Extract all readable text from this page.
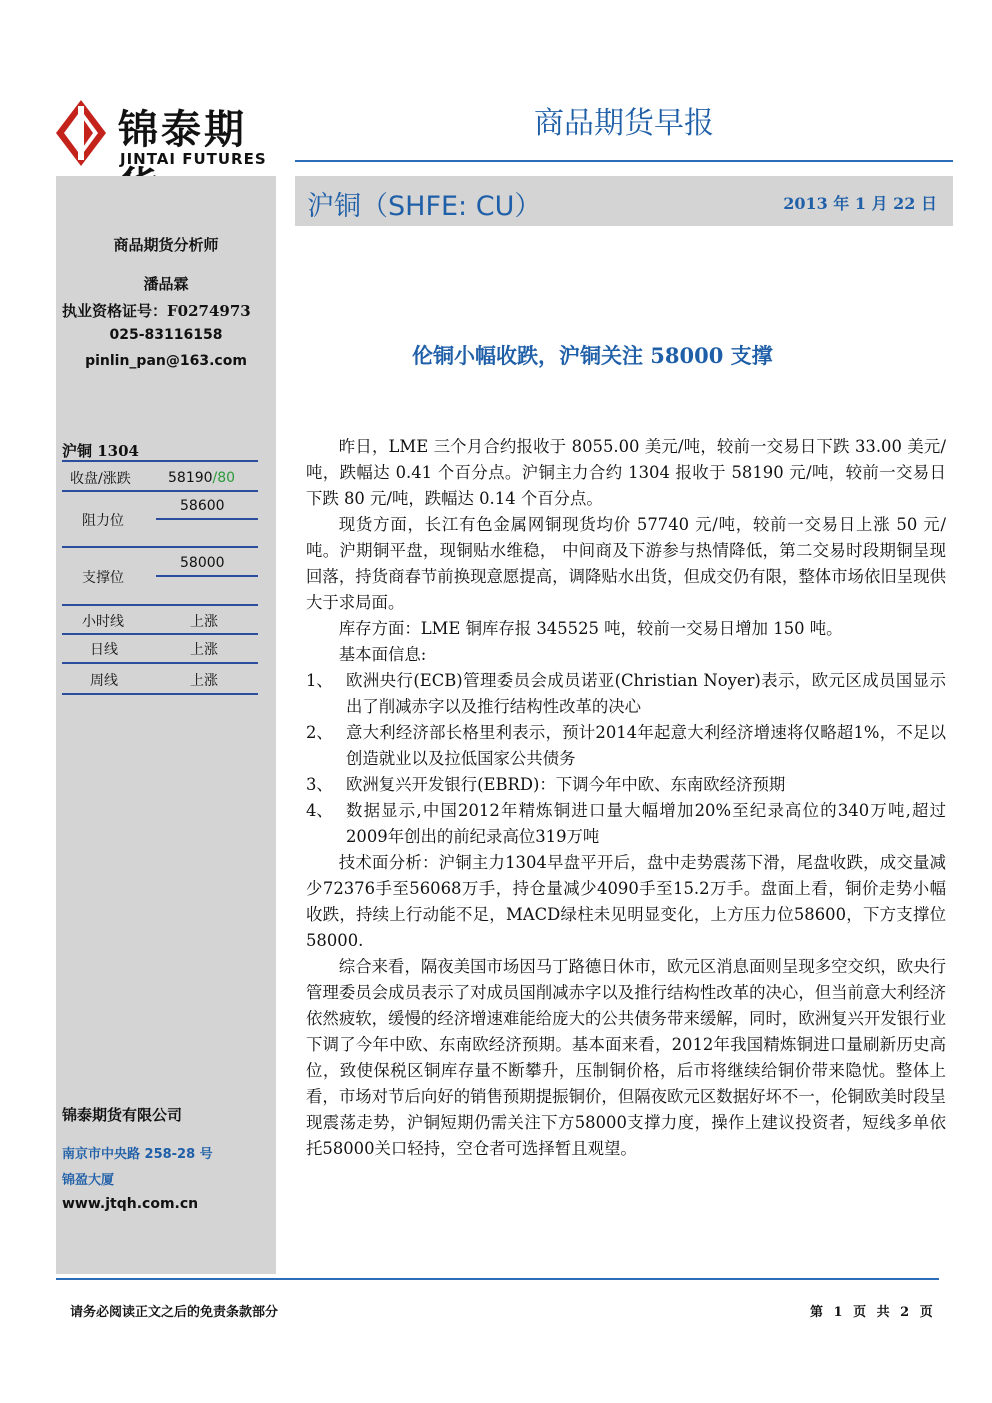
锦泰期
JINTAI FUTURES
商品期货早报
沪铜（SHFE: CU）	2013 年 1 月 22 日
商品期货分析师
潘品霖
执业资格证号：F0274973
025-83116158
pinlin_pan@163.com
沪铜 1304
收盘/涨跌	58190/80
58600
阻力位
58000
支撑位
小时线	上涨
日线	上涨
周线	上涨
锦泰期货有限公司
南京市中央路 258-28 号
锦盈大厦
www.jtqh.com.cn
伦铜小幅收跌，沪铜关注 58000 支撑

昨日，LME 三个月合约报收于 8055.00 美元/吨，较前一交易日下跌 33.00 美元/吨，跌幅达 0.41 个百分点。沪铜主力合约 1304 报收于 58190 元/吨，较前一交易日下跌 80 元/吨，跌幅达 0.14 个百分点。

现货方面，长江有色金属网铜现货均价 57740 元/吨，较前一交易日上涨 50 元/吨。沪期铜平盘，现铜贴水维稳， 中间商及下游参与热情降低，第二交易时段期铜呈现回落，持货商春节前换现意愿提高，调降贴水出货，但成交仍有限，整体市场依旧呈现供大于求局面。

库存方面：LME 铜库存报 345525 吨，较前一交易日增加 150 吨。

基本面信息:

1、 欧洲央行(ECB)管理委员会成员诺亚(Christian Noyer)表示，欧元区成员国显示出了削减赤字以及推行结构性改革的决心
2、 意大利经济部长格里利表示，预计2014年起意大利经济增速将仅略超1%，不足以创造就业以及拉低国家公共债务
3、 欧洲复兴开发银行(EBRD)：下调今年中欧、东南欧经济预期
4、 数据显示,中国2012年精炼铜进口量大幅增加20%至纪录高位的340万吨,超过2009年创出的前纪录高位319万吨

技术面分析：沪铜主力1304早盘平开后，盘中走势震荡下滑，尾盘收跌，成交量减少72376手至56068万手，持仓量减少4090手至15.2万手。盘面上看，铜价走势小幅收跌，持续上行动能不足，MACD绿柱未见明显变化，上方压力位58600，下方支撑位58000.

综合来看，隔夜美国市场因马丁路德日休市，欧元区消息面则呈现多空交织，欧央行管理委员会成员表示了对成员国削减赤字以及推行结构性改革的决心，但当前意大利经济依然疲软，缓慢的经济增速难能给庞大的公共债务带来缓解，同时，欧洲复兴开发银行业下调了今年中欧、东南欧经济预期。基本面来看，2012年我国精炼铜进口量刷新历史高位，致使保税区铜库存量不断攀升，压制铜价格，后市将继续给铜价带来隐忧。整体上看，市场对节后向好的销售预期提振铜价，但隔夜欧元区数据好坏不一，伦铜欧美时段呈现震荡走势，沪铜短期仍需关注下方58000支撑力度，操作上建议投资者，短线多单依托58000关口轻持，空仓者可选择暂且观望。

请务必阅读正文之后的免责条款部分	第 1 页 共 2 页
